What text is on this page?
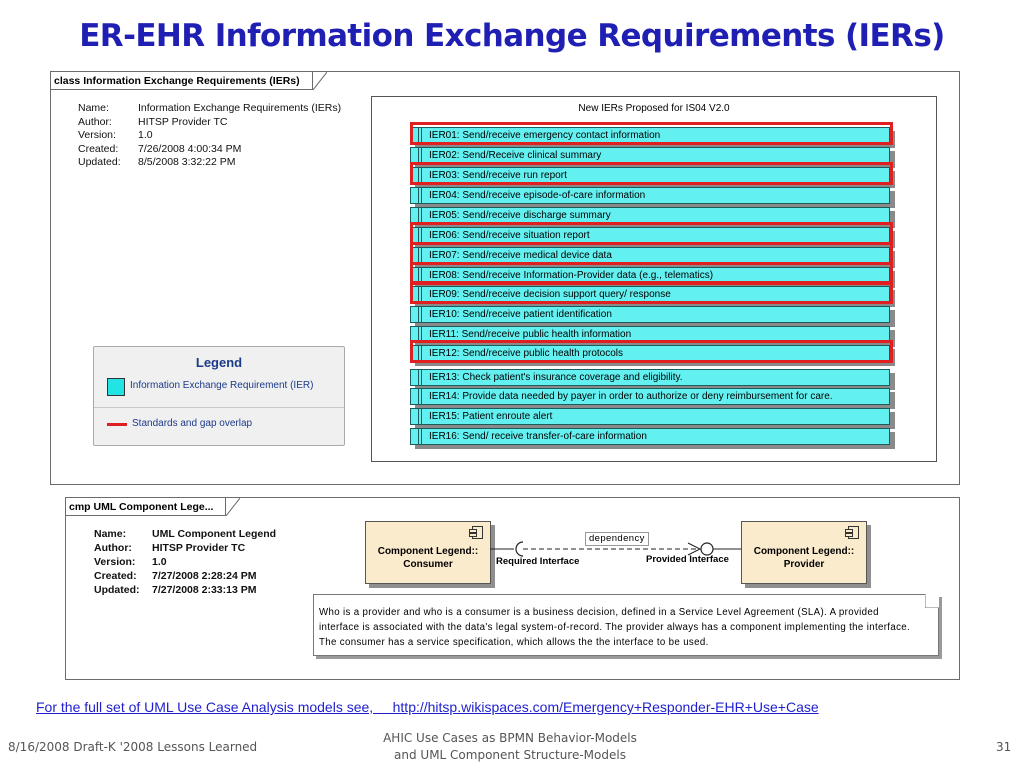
ER-EHR Information Exchange Requirements (IERs)
class Information Exchange Requirements (IERs)
Name:	Information Exchange Requirements (IERs)
Author:	HITSP Provider TC
Version:	1.0
Created:	7/26/2008 4:00:34 PM
Updated:	8/5/2008 3:32:22 PM
New IERs Proposed for IS04 V2.0
IER01: Send/receive emergency contact information
IER02: Send/Receive clinical summary
IER03: Send/receive run report
IER04: Send/receive episode-of-care information
IER05: Send/receive discharge summary
IER06: Send/receive situation report
IER07: Send/receive medical device data
IER08: Send/receive Information-Provider data (e.g., telematics)
IER09: Send/receive decision support query/ response
IER10: Send/receive patient identification
IER11: Send/receive public health information
IER12: Send/receive public health protocols
IER13: Check patient's insurance coverage and eligibility.
IER14: Provide data needed by payer in order to authorize or deny reimbursement for care.
IER15: Patient enroute alert
IER16: Send/ receive transfer-of-care information
Legend
Information Exchange Requirement (IER)
Standards and gap overlap
cmp UML Component Lege...
Name:	UML Component Legend
Author:	HITSP Provider TC
Version:	1.0
Created:	7/27/2008 2:28:24 PM
Updated:	7/27/2008 2:33:13 PM
Component Legend::
Consumer
Component Legend::
Provider
dependency
Required Interface	Provided Interface
Who is a provider and who is a consumer is a business decision, defined in a Service Level Agreement (SLA). A provided interface is associated with the data's legal system-of-record. The provider always has a component implementing the interface. The consumer has a service specification, which allows the the interface to be used.
For the full set of UML Use Case Analysis models see,     http://hitsp.wikispaces.com/Emergency+Responder-EHR+Use+Case
8/16/2008 Draft-K '2008 Lessons Learned
AHIC Use Cases as BPMN Behavior-Models
and UML Component Structure-Models
31
